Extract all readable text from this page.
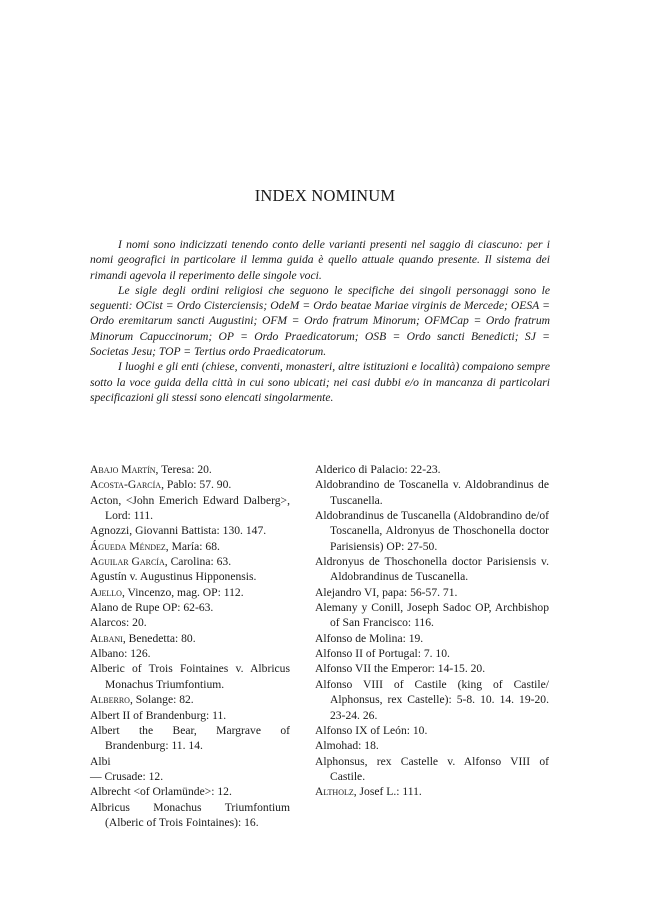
INDEX NOMINUM

I nomi sono indicizzati tenendo conto delle varianti presenti nel saggio di ciascuno: per i nomi geografici in particolare il lemma guida è quello attuale quando presente. Il sistema dei rimandi agevola il reperimento delle singole voci.

Le sigle degli ordini religiosi che seguono le specifiche dei singoli personaggi sono le seguenti: OCist = Ordo Cisterciensis; OdeM = Ordo beatae Mariae virginis de Mercede; OESA = Ordo eremitarum sancti Augustini; OFM = Ordo fratrum Minorum; OFMCap = Ordo fratrum Minorum Capuccinorum; OP = Ordo Praedicatorum; OSB = Ordo sancti Benedicti; SJ = Societas Jesu; TOP = Tertius ordo Praedicatorum.

I luoghi e gli enti (chiese, conventi, monasteri, altre istituzioni e località) compaiono sempre sotto la voce guida della città in cui sono ubicati; nei casi dubbi e/o in mancanza di particolari specificazioni gli stessi sono elencati singolarmente.

Abajo Martín, Teresa: 20.
Acosta-García, Pablo: 57. 90.
Acton, <John Emerich Edward Dalberg>, Lord: 111.
Agnozzi, Giovanni Battista: 130. 147.
Águeda Méndez, María: 68.
Aguilar García, Carolina: 63.
Agustín v. Augustinus Hipponensis.
Ajello, Vincenzo, mag. OP: 112.
Alano de Rupe OP: 62-63.
Alarcos: 20.
Albani, Benedetta: 80.
Albano: 126.
Alberic of Trois Fointaines v. Albricus Monachus Triumfontium.
Alberro, Solange: 82.
Albert II of Brandenburg: 11.
Albert the Bear, Margrave of Brandenburg: 11. 14.
Albi
— Crusade: 12.
Albrecht <of Orlamünde>: 12.
Albricus Monachus Triumfontium (Alberic of Trois Fointaines): 16.
Alderico di Palacio: 22-23.
Aldobrandino de Toscanella v. Aldobrandinus de Tuscanella.
Aldobrandinus de Tuscanella (Aldobrandino de/of Toscanella, Aldronyus de Thoschonella doctor Parisiensis) OP: 27-50.
Aldronyus de Thoschonella doctor Parisiensis v. Aldobrandinus de Tuscanella.
Alejandro VI, papa: 56-57. 71.
Alemany y Conill, Joseph Sadoc OP, Archbishop of San Francisco: 116.
Alfonso de Molina: 19.
Alfonso II of Portugal: 7. 10.
Alfonso VII the Emperor: 14-15. 20.
Alfonso VIII of Castile (king of Castile/ Alphonsus, rex Castelle): 5-8. 10. 14. 19-20. 23-24. 26.
Alfonso IX of León: 10.
Almohad: 18.
Alphonsus, rex Castelle v. Alfonso VIII of Castile.
Altholz, Josef L.: 111.
